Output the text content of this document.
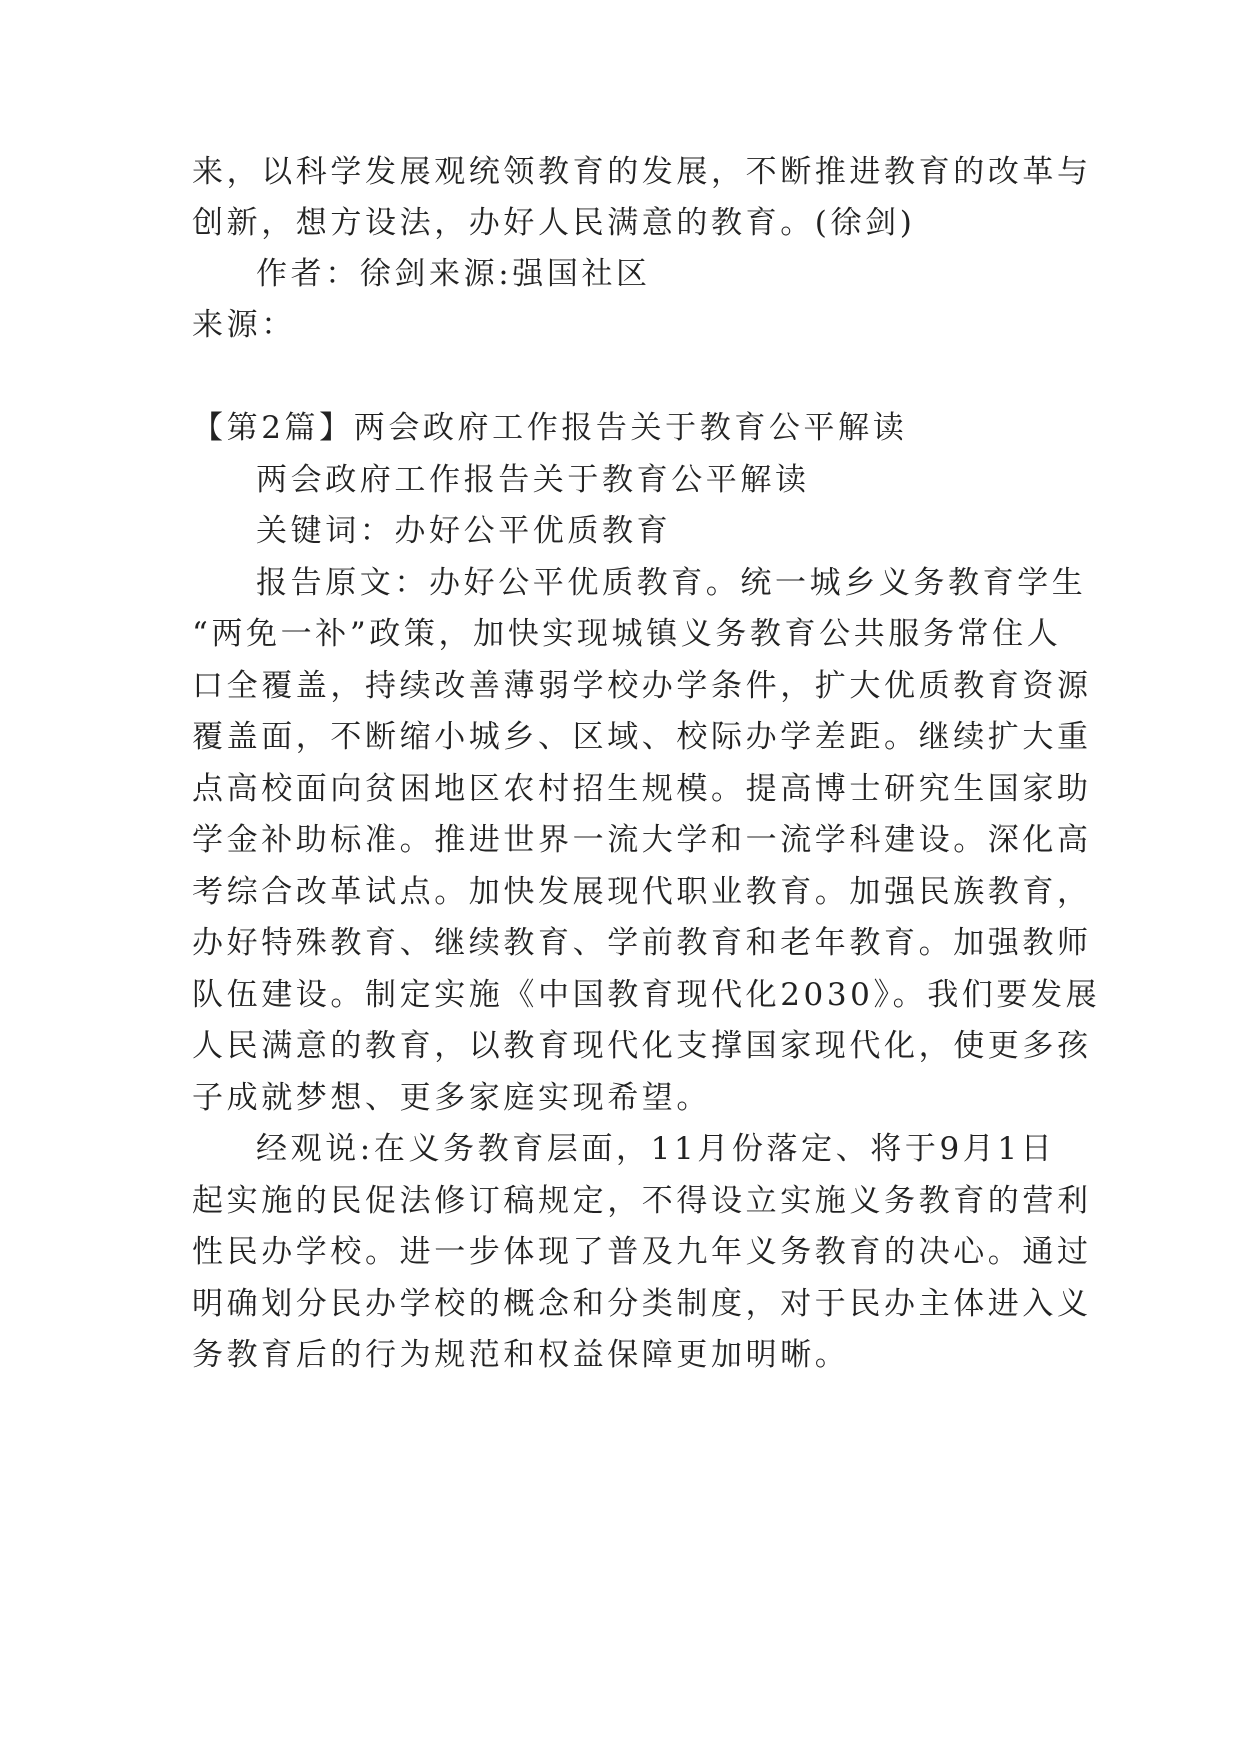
来，以科学发展观统领教育的发展，不断推进教育的改革与
创新，想方设法，办好人民满意的教育。(徐剑)
作者：徐剑来源:强国社区
来源：
【第2篇】两会政府工作报告关于教育公平解读
两会政府工作报告关于教育公平解读
关键词：办好公平优质教育
报告原文：办好公平优质教育。统一城乡义务教育学生
“两免一补”政策，加快实现城镇义务教育公共服务常住人
口全覆盖，持续改善薄弱学校办学条件，扩大优质教育资源
覆盖面，不断缩小城乡、区域、校际办学差距。继续扩大重
点高校面向贫困地区农村招生规模。提高博士研究生国家助
学金补助标准。推进世界一流大学和一流学科建设。深化高
考综合改革试点。加快发展现代职业教育。加强民族教育，
办好特殊教育、继续教育、学前教育和老年教育。加强教师
队伍建设。制定实施《中国教育现代化2030》。我们要发展
人民满意的教育，以教育现代化支撑国家现代化，使更多孩
子成就梦想、更多家庭实现希望。
经观说:在义务教育层面，11月份落定、将于9月1日
起实施的民促法修订稿规定，不得设立实施义务教育的营利
性民办学校。进一步体现了普及九年义务教育的决心。通过
明确划分民办学校的概念和分类制度，对于民办主体进入义
务教育后的行为规范和权益保障更加明晰。
